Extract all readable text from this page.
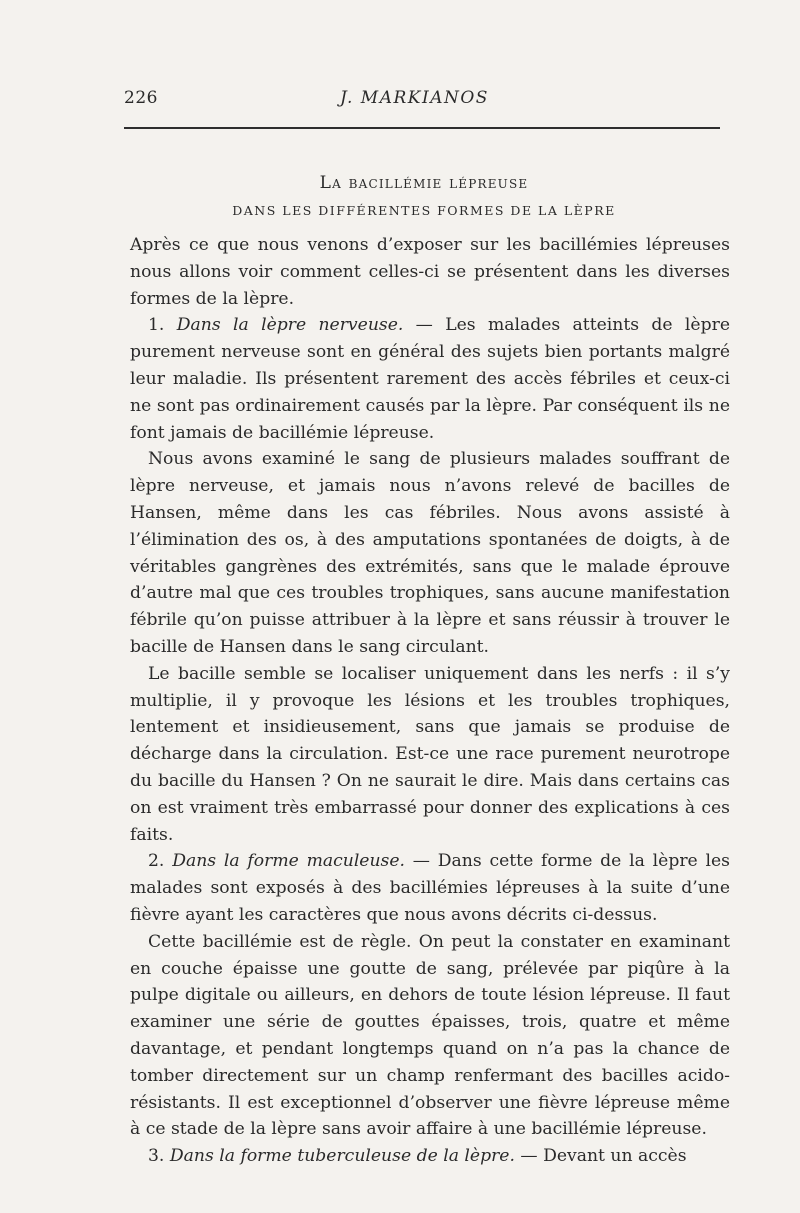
226	J. MARKIANOS
La bacillémie lépreuse
DANS LES DIFFÉRENTES FORMES DE LA LÈPRE

Après ce que nous venons d’exposer sur les bacillémies lépreuses nous allons voir comment celles-ci se présentent dans les diverses formes de la lèpre.

1. Dans la lèpre nerveuse. — Les malades atteints de lèpre purement nerveuse sont en général des sujets bien portants malgré leur maladie. Ils présentent rarement des accès fébriles et ceux-ci ne sont pas ordinairement causés par la lèpre. Par conséquent ils ne font jamais de bacillémie lépreuse.

Nous avons examiné le sang de plusieurs malades souffrant de lèpre nerveuse, et jamais nous n’avons relevé de bacilles de Hansen, même dans les cas fébriles. Nous avons assisté à l’élimination des os, à des amputations spontanées de doigts, à de véritables gangrènes des extrémités, sans que le malade éprouve d’autre mal que ces troubles trophiques, sans aucune manifestation fébrile qu’on puisse attribuer à la lèpre et sans réussir à trouver le bacille de Hansen dans le sang circulant.

Le bacille semble se localiser uniquement dans les nerfs : il s’y multiplie, il y provoque les lésions et les troubles trophiques, lentement et insidieusement, sans que jamais se produise de décharge dans la circulation. Est-ce une race purement neurotrope du bacille du Hansen ? On ne saurait le dire. Mais dans certains cas on est vraiment très embarrassé pour donner des explications à ces faits.

2. Dans la forme maculeuse. — Dans cette forme de la lèpre les malades sont exposés à des bacillémies lépreuses à la suite d’une fièvre ayant les caractères que nous avons décrits ci-dessus.

Cette bacillémie est de règle. On peut la constater en examinant en couche épaisse une goutte de sang, prélevée par piqûre à la pulpe digitale ou ailleurs, en dehors de toute lésion lépreuse. Il faut examiner une série de gouttes épaisses, trois, quatre et même davantage, et pendant longtemps quand on n’a pas la chance de tomber directement sur un champ renfermant des bacilles acido-résistants. Il est exceptionnel d’observer une fièvre lépreuse même à ce stade de la lèpre sans avoir affaire à une bacillémie lépreuse.

3. Dans la forme tuberculeuse de la lèpre. — Devant un accès
